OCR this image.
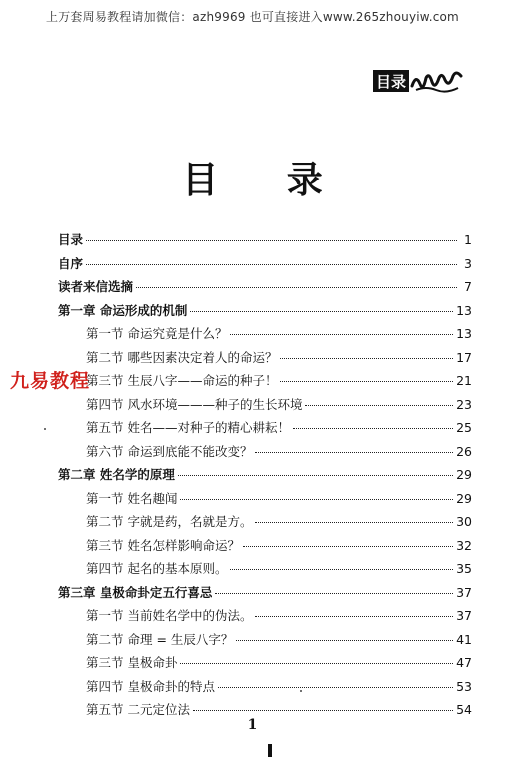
上万套周易教程请加微信：azh9969 也可直接进入www.265zhouyiw.com
目录
目 录
目录	1
自序	3
读者来信选摘	7
第一章 命运形成的机制	13
第一节 命运究竟是什么？	13
第二节 哪些因素决定着人的命运？	17
第三节 生辰八字——命运的种子！	21
第四节 风水环境———种子的生长环境	23
第五节 姓名——对种子的精心耕耘！	25
第六节 命运到底能不能改变？	26
第二章 姓名学的原理	29
第一节 姓名趣闻	29
第二节 字就是药，名就是方。	30
第三节 姓名怎样影响命运？	32
第四节 起名的基本原则。	35
第三章 皇极命卦定五行喜忌	37
第一节 当前姓名学中的伪法。	37
第二节 命理 = 生辰八字？	41
第三节 皇极命卦	47
第四节 皇极命卦的特点	53
第五节 二元定位法	54
九易教程
1
